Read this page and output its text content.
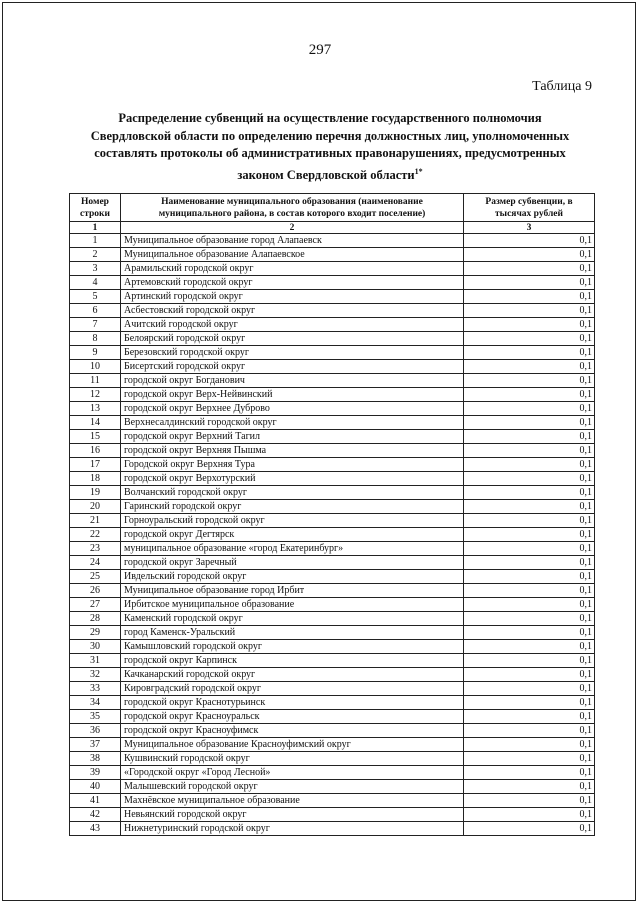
297
Таблица 9
Распределение субвенций на осуществление государственного полномочия
Свердловской области по определению перечня должностных лиц, уполномоченных
составлять протоколы об административных правонарушениях, предусмотренных
законом Свердловской области$^{1*}$
Номер строки	Наименование муниципального образования (наименование муниципального района, в состав которого входит поселение)	Размер субвенции, в тысячах рублей
1	2	3
1	Муниципальное образование город Алапаевск	0,1
2	Муниципальное образование Алапаевское	0,1
3	Арамильский городской округ	0,1
4	Артемовский городской округ	0,1
5	Артинский городской округ	0,1
6	Асбестовский городской округ	0,1
7	Ачитский городской округ	0,1
8	Белоярский городской округ	0,1
9	Березовский городской округ	0,1
10	Бисертский городской округ	0,1
11	городской округ Богданович	0,1
12	городской округ Верх-Нейвинский	0,1
13	городской округ Верхнее Дуброво	0,1
14	Верхнесалдинский городской округ	0,1
15	городской округ Верхний Тагил	0,1
16	городской округ Верхняя Пышма	0,1
17	Городской округ Верхняя Тура	0,1
18	городской округ Верхотурский	0,1
19	Волчанский городской округ	0,1
20	Гаринский городской округ	0,1
21	Горноуральский городской округ	0,1
22	городской округ Дегтярск	0,1
23	муниципальное образование «город Екатеринбург»	0,1
24	городской округ Заречный	0,1
25	Ивдельский городской округ	0,1
26	Муниципальное образование город Ирбит	0,1
27	Ирбитское муниципальное образование	0,1
28	Каменский городской округ	0,1
29	город Каменск-Уральский	0,1
30	Камышловский городской округ	0,1
31	городской округ Карпинск	0,1
32	Качканарский городской округ	0,1
33	Кировградский городской округ	0,1
34	городской округ Краснотурьинск	0,1
35	городской округ Красноуральск	0,1
36	городской округ Красноуфимск	0,1
37	Муниципальное образование Красноуфимский округ	0,1
38	Кушвинский городской округ	0,1
39	«Городской округ «Город Лесной»	0,1
40	Малышевский городской округ	0,1
41	Махнёвское муниципальное образование	0,1
42	Невьянский городской округ	0,1
43	Нижнетуринский городской округ	0,1
